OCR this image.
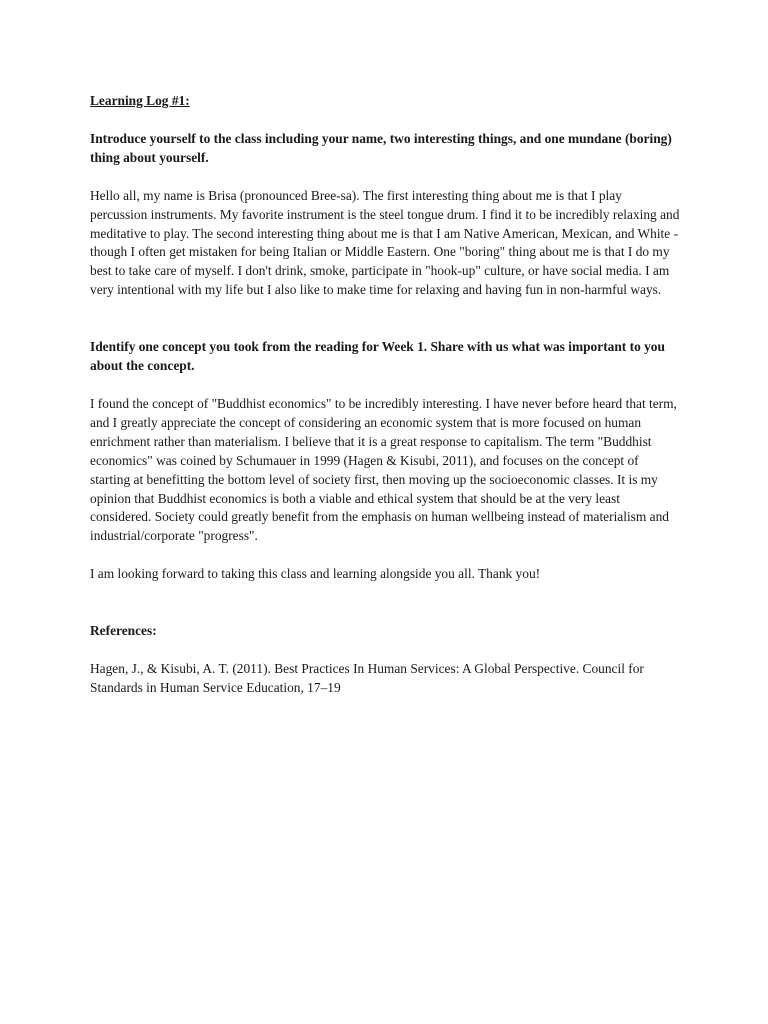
Learning Log #1:
Introduce yourself to the class including your name, two interesting things, and one mundane (boring) thing about yourself.
Hello all, my name is Brisa (pronounced Bree-sa). The first interesting thing about me is that I play percussion instruments. My favorite instrument is the steel tongue drum. I find it to be incredibly relaxing and meditative to play. The second interesting thing about me is that I am Native American, Mexican, and White - though I often get mistaken for being Italian or Middle Eastern. One "boring" thing about me is that I do my best to take care of myself. I don't drink, smoke, participate in "hook-up" culture, or have social media. I am very intentional with my life but I also like to make time for relaxing and having fun in non-harmful ways.
Identify one concept you took from the reading for Week 1. Share with us what was important to you about the concept.
I found the concept of "Buddhist economics" to be incredibly interesting. I have never before heard that term, and I greatly appreciate the concept of considering an economic system that is more focused on human enrichment rather than materialism. I believe that it is a great response to capitalism. The term "Buddhist economics" was coined by Schumauer in 1999 (Hagen & Kisubi, 2011), and focuses on the concept of starting at benefitting the bottom level of society first, then moving up the socioeconomic classes. It is my opinion that Buddhist economics is both a viable and ethical system that should be at the very least considered. Society could greatly benefit from the emphasis on human wellbeing instead of materialism and industrial/corporate "progress".
I am looking forward to taking this class and learning alongside you all. Thank you!
References:
Hagen, J., & Kisubi, A. T. (2011). Best Practices In Human Services: A Global Perspective. Council for Standards in Human Service Education, 17–19
